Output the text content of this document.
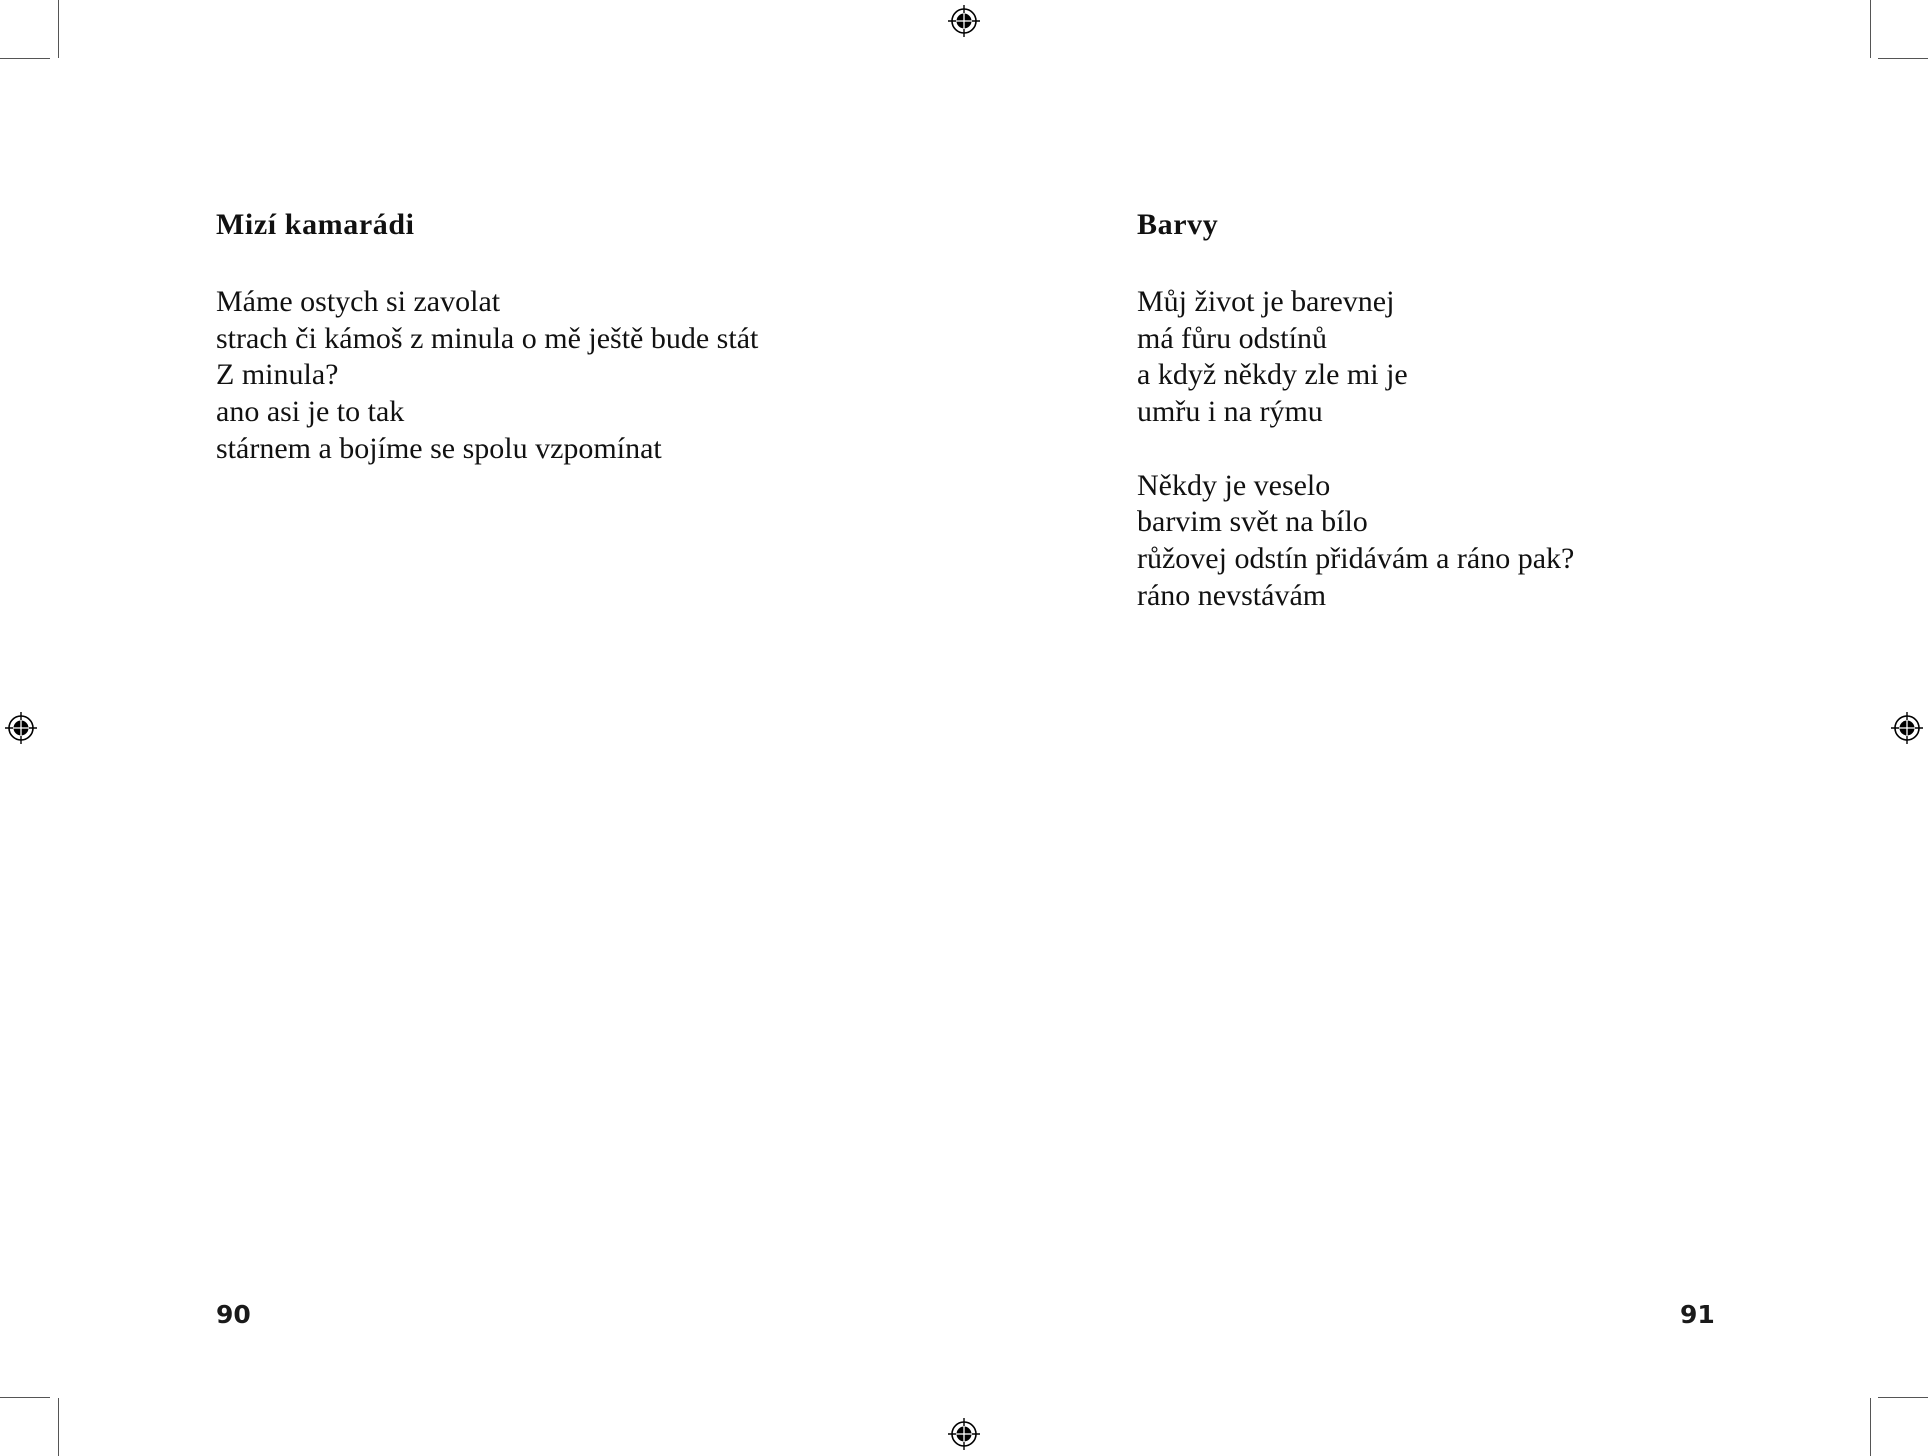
Mizí kamarádi

Máme ostych si zavolat
strach či kámoš z minula o mě ještě bude stát
Z minula?
ano asi je to tak
stárnem a bojíme se spolu vzpomínat

90
Barvy

Můj život je barevnej
má fůru odstínů
a když někdy zle mi je
umřu i na rýmu

Někdy je veselo
barvim svět na bílo
růžovej odstín přidávám a ráno pak?
ráno nevstávám

91
